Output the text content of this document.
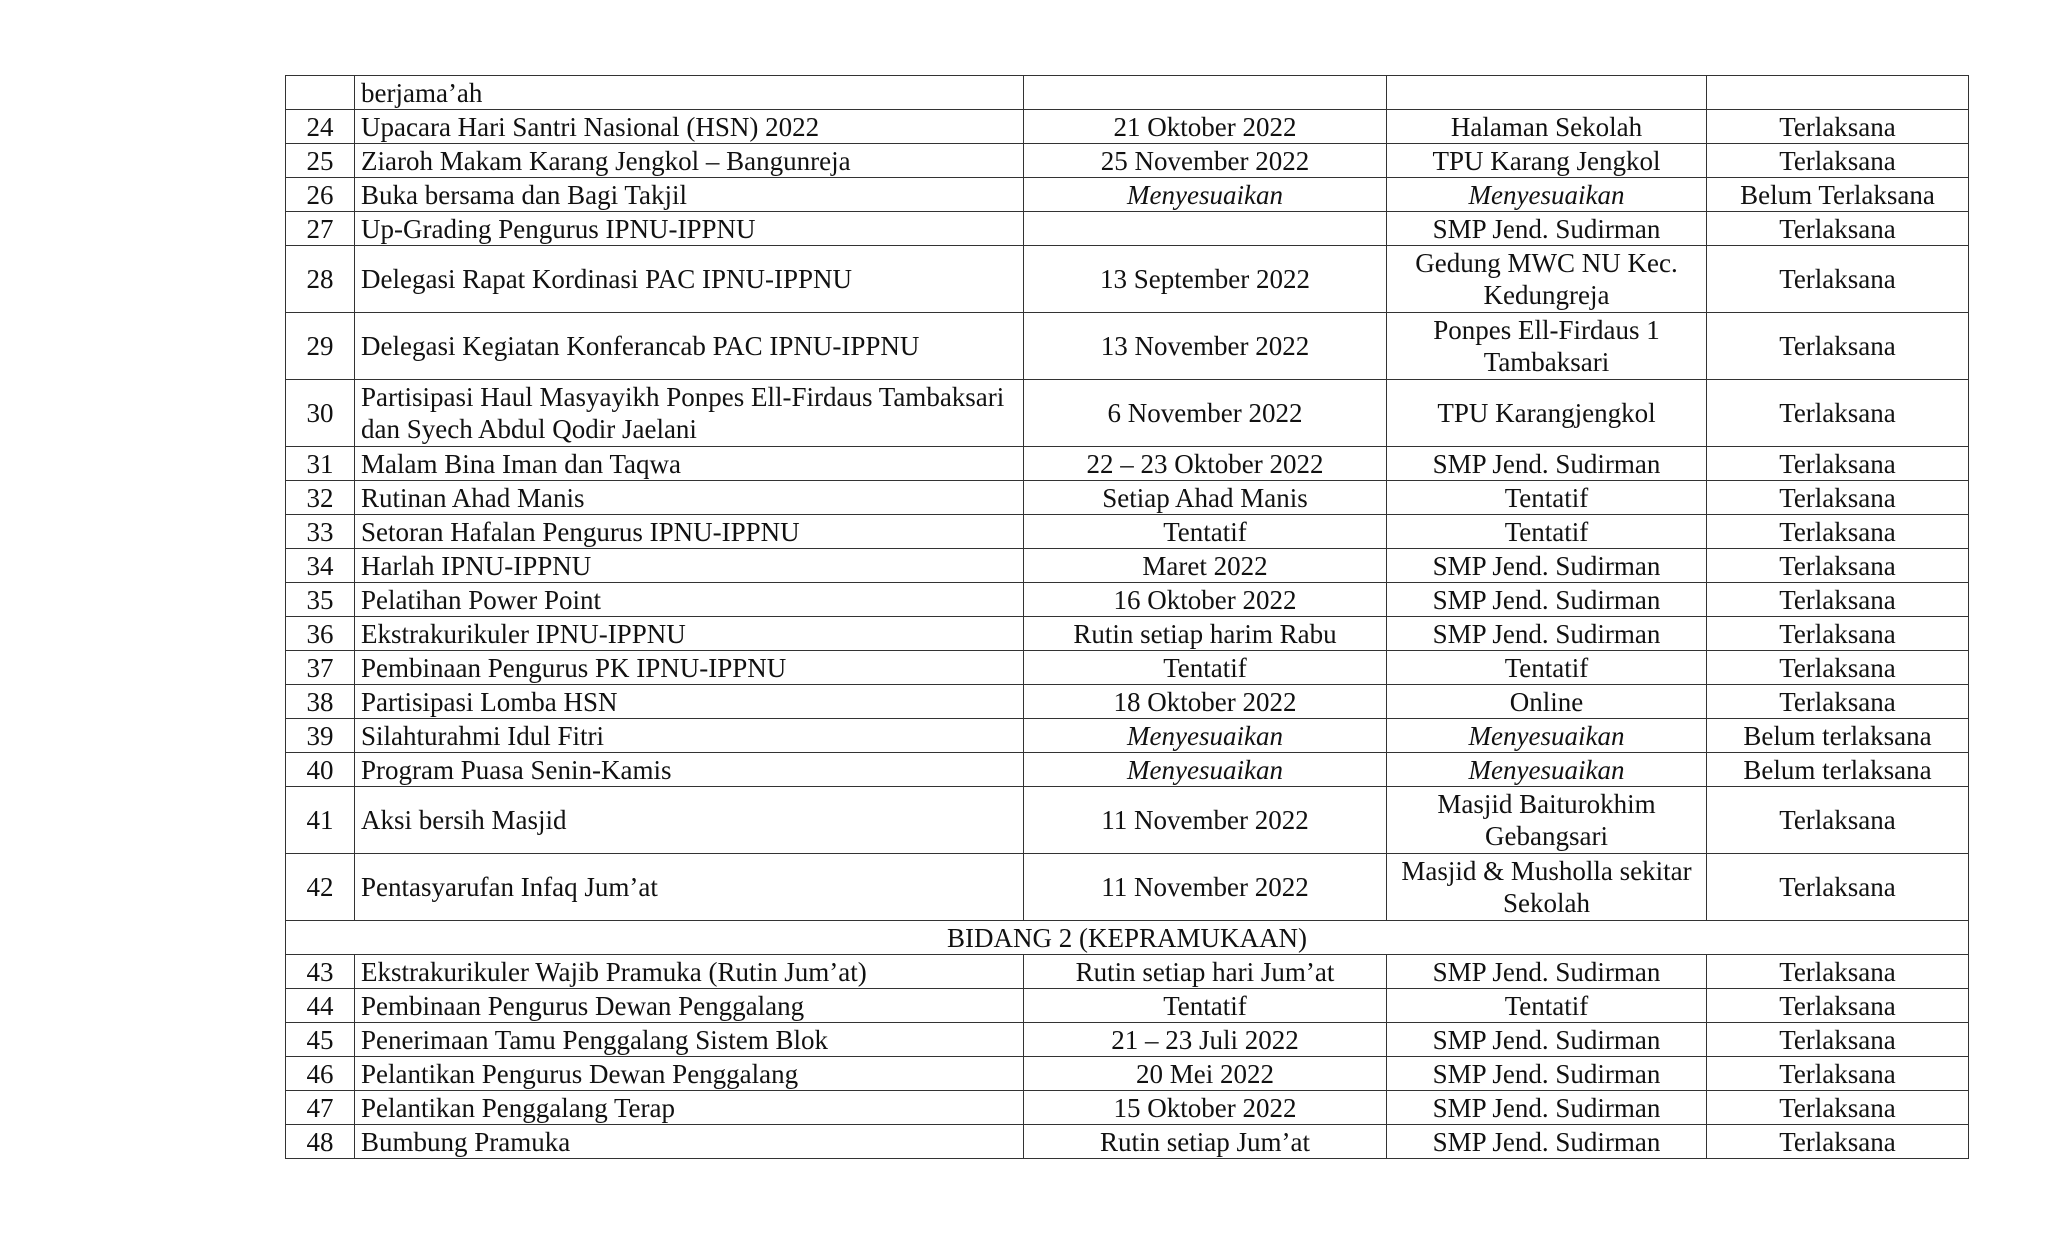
	berjama’ah			
24	Upacara Hari Santri Nasional (HSN) 2022	21 Oktober 2022	Halaman Sekolah	Terlaksana
25	Ziaroh Makam Karang Jengkol – Bangunreja	25 November 2022	TPU Karang Jengkol	Terlaksana
26	Buka bersama dan Bagi Takjil	Menyesuaikan	Menyesuaikan	Belum Terlaksana
27	Up-Grading Pengurus IPNU-IPPNU		SMP Jend. Sudirman	Terlaksana
28	Delegasi Rapat Kordinasi PAC IPNU-IPPNU	13 September 2022	Gedung MWC NU Kec. Kedungreja	Terlaksana
29	Delegasi Kegiatan Konferancab PAC IPNU-IPPNU	13 November 2022	Ponpes Ell-Firdaus 1 Tambaksari	Terlaksana
30	Partisipasi Haul Masyayikh Ponpes Ell-Firdaus Tambaksari dan Syech Abdul Qodir Jaelani	6 November 2022	TPU Karangjengkol	Terlaksana
31	Malam Bina Iman dan Taqwa	22 – 23 Oktober 2022	SMP Jend. Sudirman	Terlaksana
32	Rutinan Ahad Manis	Setiap Ahad Manis	Tentatif	Terlaksana
33	Setoran Hafalan Pengurus IPNU-IPPNU	Tentatif	Tentatif	Terlaksana
34	Harlah IPNU-IPPNU	Maret 2022	SMP Jend. Sudirman	Terlaksana
35	Pelatihan Power Point	16 Oktober 2022	SMP Jend. Sudirman	Terlaksana
36	Ekstrakurikuler IPNU-IPPNU	Rutin setiap harim Rabu	SMP Jend. Sudirman	Terlaksana
37	Pembinaan Pengurus PK IPNU-IPPNU	Tentatif	Tentatif	Terlaksana
38	Partisipasi Lomba HSN	18 Oktober 2022	Online	Terlaksana
39	Silahturahmi Idul Fitri	Menyesuaikan	Menyesuaikan	Belum terlaksana
40	Program Puasa Senin-Kamis	Menyesuaikan	Menyesuaikan	Belum terlaksana
41	Aksi bersih Masjid	11 November 2022	Masjid Baiturokhim Gebangsari	Terlaksana
42	Pentasyarufan Infaq Jum’at	11 November 2022	Masjid & Musholla sekitar Sekolah	Terlaksana
BIDANG 2 (KEPRAMUKAAN)				
43	Ekstrakurikuler Wajib Pramuka (Rutin Jum’at)	Rutin setiap hari Jum’at	SMP Jend. Sudirman	Terlaksana
44	Pembinaan Pengurus Dewan Penggalang	Tentatif	Tentatif	Terlaksana
45	Penerimaan Tamu Penggalang Sistem Blok	21 – 23 Juli 2022	SMP Jend. Sudirman	Terlaksana
46	Pelantikan Pengurus Dewan Penggalang	20 Mei 2022	SMP Jend. Sudirman	Terlaksana
47	Pelantikan Penggalang Terap	15 Oktober 2022	SMP Jend. Sudirman	Terlaksana
48	Bumbung Pramuka	Rutin setiap Jum’at	SMP Jend. Sudirman	Terlaksana
